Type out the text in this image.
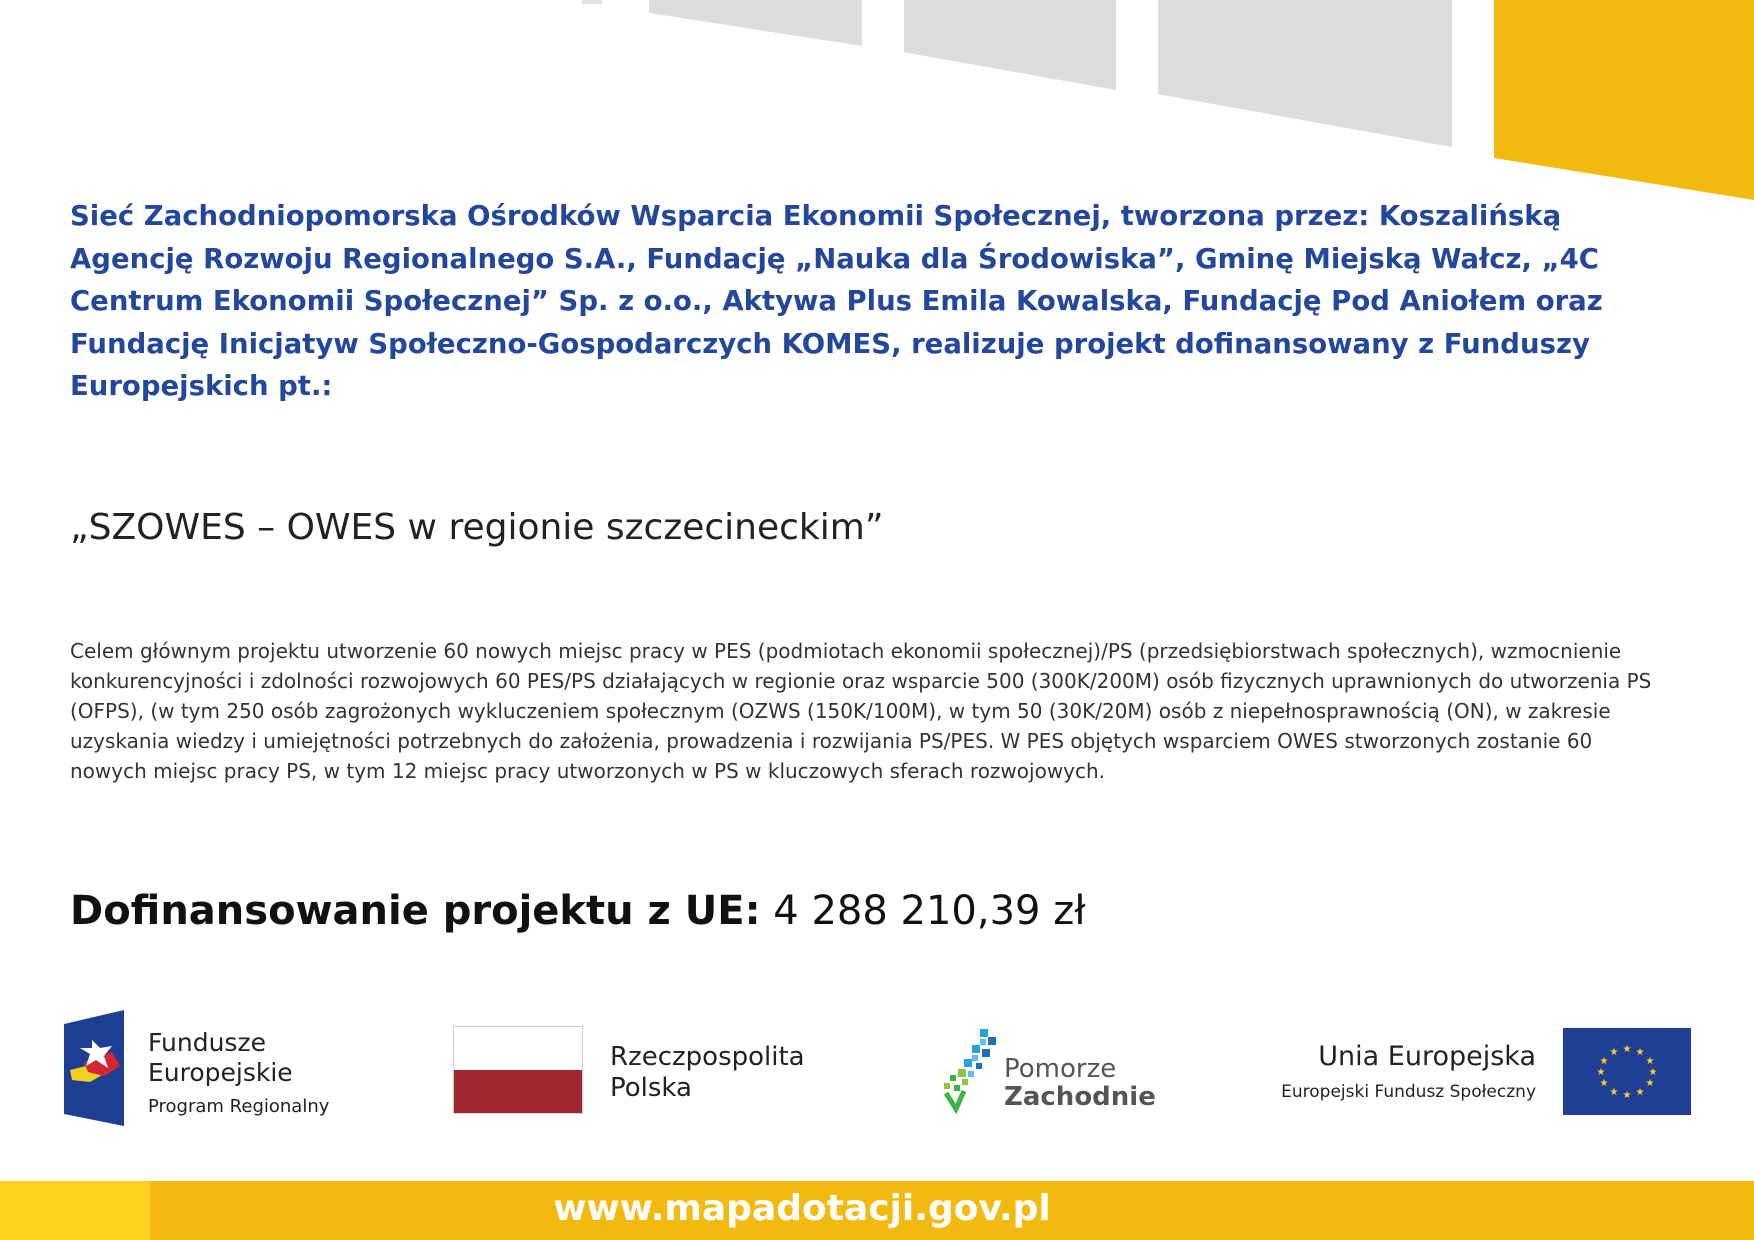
Sieć Zachodniopomorska Ośrodków Wsparcia Ekonomii Społecznej, tworzona przez: Koszalińską Agencję Rozwoju Regionalnego S.A., Fundację „Nauka dla Środowiska”, Gminę Miejską Wałcz, „4C Centrum Ekonomii Społecznej” Sp. z o.o., Aktywa Plus Emila Kowalska, Fundację Pod Aniołem oraz Fundację Inicjatyw Społeczno-Gospodarczych KOMES, realizuje projekt dofinansowany z Funduszy Europejskich pt.:

„SZOWES – OWES w regionie szczecineckim”

Celem głównym projektu utworzenie 60 nowych miejsc pracy w PES (podmiotach ekonomii społecznej)/PS (przedsiębiorstwach społecznych), wzmocnienie konkurencyjności i zdolności rozwojowych 60 PES/PS działających w regionie oraz wsparcie 500 (300K/200M) osób fizycznych uprawnionych do utworzenia PS (OFPS), (w tym 250 osób zagrożonych wykluczeniem społecznym (OZWS (150K/100M), w tym 50 (30K/20M) osób z niepełnosprawnością (ON), w zakresie uzyskania wiedzy i umiejętności potrzebnych do założenia, prowadzenia i rozwijania PS/PES. W PES objętych wsparciem OWES stworzonych zostanie 60 nowych miejsc pracy PS, w tym 12 miejsc pracy utworzonych w PS w kluczowych sferach rozwojowych.

Dofinansowanie projektu z UE: 4 288 210,39 zł
Fundusze
Europejskie
Program Regionalny
Rzeczpospolita
Polska
Pomorze
Zachodnie
Unia Europejska
Europejski Fundusz Społeczny
★ ★
★
★
★
★
★
★
★
★
★
★
www.mapadotacji.gov.pl
